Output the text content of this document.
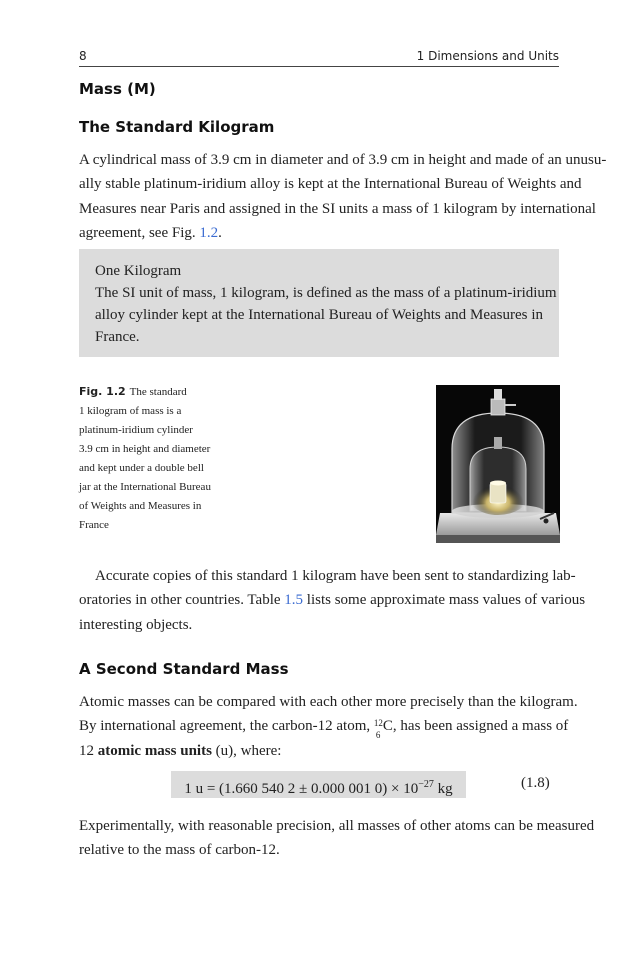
8	1 Dimensions and Units
Mass (M)
The Standard Kilogram
A cylindrical mass of 3.9 cm in diameter and of 3.9 cm in height and made of an unusu-
ally stable platinum-iridium alloy is kept at the International Bureau of Weights and
Measures near Paris and assigned in the SI units a mass of 1 kilogram by international
agreement, see Fig. 1.2.
One Kilogram
The SI unit of mass, 1 kilogram, is defined as the mass of a platinum-iridium
alloy cylinder kept at the International Bureau of Weights and Measures in
France.
Fig. 1.2 The standard
1 kilogram of mass is a
platinum-iridium cylinder
3.9 cm in height and diameter
and kept under a double bell
jar at the International Bureau
of Weights and Measures in
France
Accurate copies of this standard 1 kilogram have been sent to standardizing lab-
oratories in other countries. Table 1.5 lists some approximate mass values of various
interesting objects.
A Second Standard Mass
Atomic masses can be compared with each other more precisely than the kilogram.
By international agreement, the carbon-12 atom, 12
6
C, has been assigned a mass of
12 atomic mass units (u), where:
1 u = (1.660 540 2 ± 0.000 001 $0) \times 10^{-27}$ kg	(1.8)
Experimentally, with reasonable precision, all masses of other atoms can be measured
relative to the mass of carbon-12.
